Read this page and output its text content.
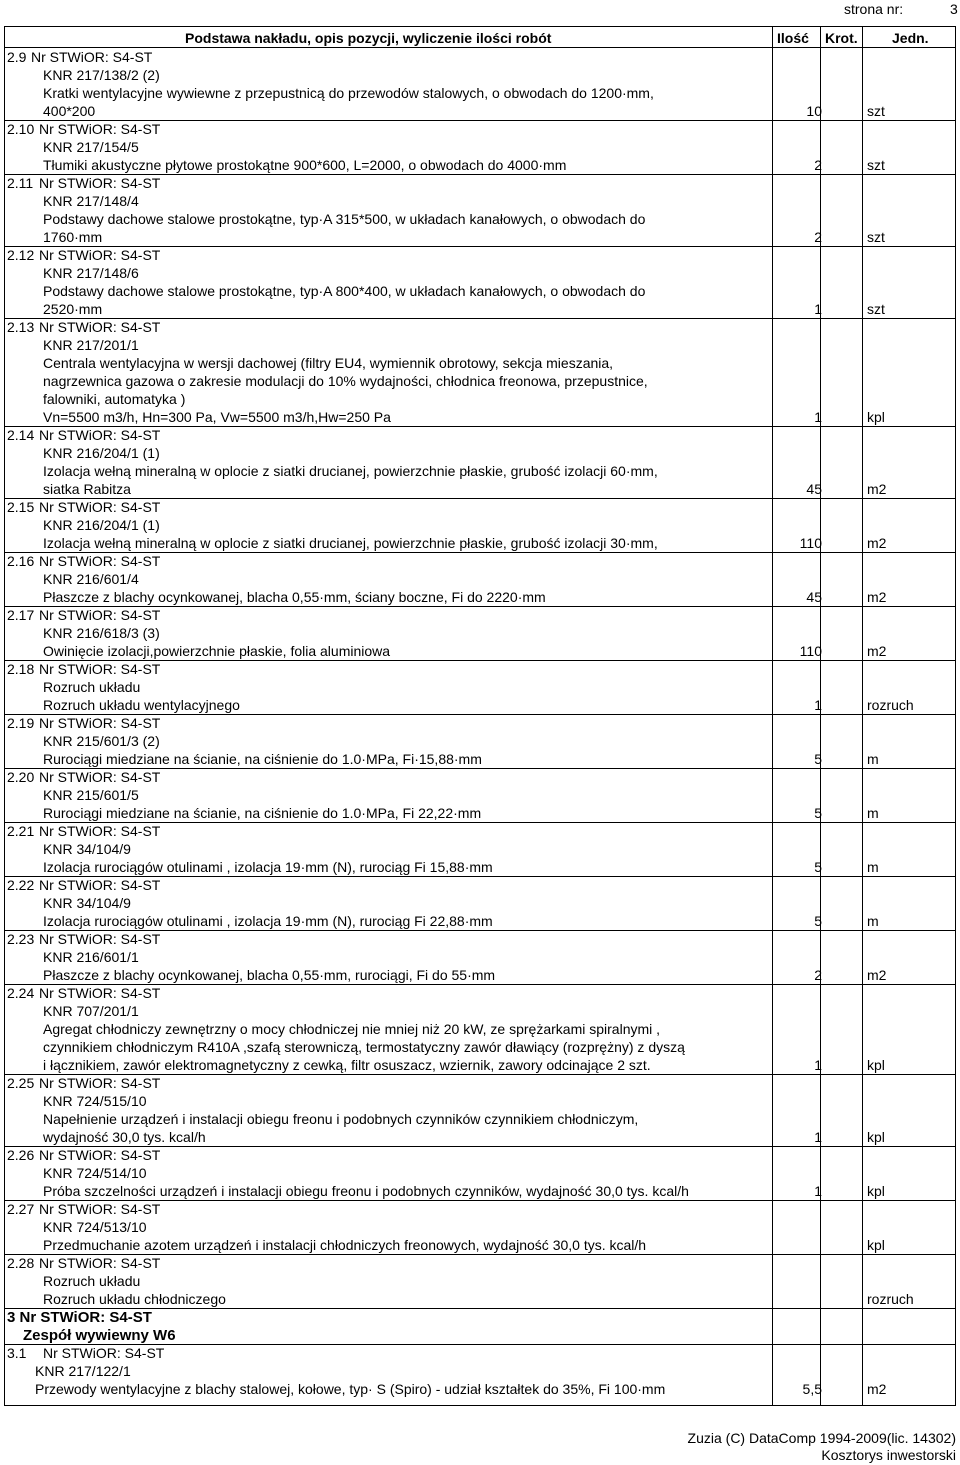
strona nr:	3
Podstawa nakładu, opis pozycji, wyliczenie ilości robót	Ilość Krot. Jedn.
2.9 Nr STWiOR: S4-ST
KNR 217/138/2 (2)
Kratki wentylacyjne wywiewne z przepustnicą do przewodów stalowych, o obwodach do 1200·mm,
400*200	10	szt
2.10 Nr STWiOR: S4-ST
KNR 217/154/5
Tłumiki akustyczne płytowe prostokątne 900*600, L=2000, o obwodach do 4000·mm	2	szt
2.11 Nr STWiOR: S4-ST
KNR 217/148/4
Podstawy dachowe stalowe prostokątne, typ·A 315*500, w układach kanałowych, o obwodach do
1760·mm	2	szt
2.12 Nr STWiOR: S4-ST
KNR 217/148/6
Podstawy dachowe stalowe prostokątne, typ·A 800*400, w układach kanałowych, o obwodach do
2520·mm	1	szt
2.13 Nr STWiOR: S4-ST
KNR 217/201/1
Centrala wentylacyjna w wersji dachowej (filtry EU4, wymiennik obrotowy, sekcja mieszania,
nagrzewnica gazowa o zakresie modulacji do 10% wydajności, chłodnica freonowa, przepustnice,
falowniki, automatyka )
Vn=5500 m3/h, Hn=300 Pa, Vw=5500 m3/h,Hw=250 Pa	1	kpl
2.14 Nr STWiOR: S4-ST
KNR 216/204/1 (1)
Izolacja wełną mineralną w oplocie z siatki drucianej, powierzchnie płaskie, grubość izolacji 60·mm,
siatka Rabitza	45	m2
2.15 Nr STWiOR: S4-ST
KNR 216/204/1 (1)
Izolacja wełną mineralną w oplocie z siatki drucianej, powierzchnie płaskie, grubość izolacji 30·mm,	110	m2
2.16 Nr STWiOR: S4-ST
KNR 216/601/4
Płaszcze z blachy ocynkowanej, blacha 0,55·mm, ściany boczne, Fi do 2220·mm	45	m2
2.17 Nr STWiOR: S4-ST
KNR 216/618/3 (3)
Owinięcie izolacji,powierzchnie płaskie, folia aluminiowa	110	m2
2.18 Nr STWiOR: S4-ST
Rozruch układu
Rozruch układu wentylacyjnego	1	rozruch
2.19 Nr STWiOR: S4-ST
KNR 215/601/3 (2)
Rurociągi miedziane na ścianie, na ciśnienie do 1.0·MPa, Fi·15,88·mm	5	m
2.20 Nr STWiOR: S4-ST
KNR 215/601/5
Rurociągi miedziane na ścianie, na ciśnienie do 1.0·MPa, Fi 22,22·mm	5	m
2.21 Nr STWiOR: S4-ST
KNR 34/104/9
Izolacja rurociągów otulinami , izolacja 19·mm (N), rurociąg Fi 15,88·mm	5	m
2.22 Nr STWiOR: S4-ST
KNR 34/104/9
Izolacja rurociągów otulinami , izolacja 19·mm (N), rurociąg Fi 22,88·mm	5	m
2.23 Nr STWiOR: S4-ST
KNR 216/601/1
Płaszcze z blachy ocynkowanej, blacha 0,55·mm, rurociągi, Fi do 55·mm	2	m2
2.24 Nr STWiOR: S4-ST
KNR 707/201/1
Agregat chłodniczy zewnętrzny o mocy chłodniczej nie mniej niż 20 kW, ze sprężarkami spiralnymi ,
czynnikiem chłodniczym R410A ,szafą sterowniczą, termostatyczny zawór dławiący (rozprężny) z dyszą
i łącznikiem, zawór elektromagnetyczny z cewką, filtr osuszacz, wziernik, zawory odcinające 2 szt.	1	kpl
2.25 Nr STWiOR: S4-ST
KNR 724/515/10
Napełnienie urządzeń i instalacji obiegu freonu i podobnych czynników czynnikiem chłodniczym,
wydajność 30,0 tys. kcal/h	1	kpl
2.26 Nr STWiOR: S4-ST
KNR 724/514/10
Próba szczelności urządzeń i instalacji obiegu freonu i podobnych czynników, wydajność 30,0 tys. kcal/h	1	kpl
2.27 Nr STWiOR: S4-ST
KNR 724/513/10
Przedmuchanie azotem urządzeń i instalacji chłodniczych freonowych, wydajność 30,0 tys. kcal/h	kpl
2.28 Nr STWiOR: S4-ST
Rozruch układu
Rozruch układu chłodniczego	rozruch
3 Nr STWiOR: S4-ST
Zespół wywiewny W6
3.1 Nr STWiOR: S4-ST
KNR 217/122/1
Przewody wentylacyjne z blachy stalowej, kołowe, typ· S (Spiro) - udział kształtek do 35%, Fi 100·mm	5,5	m2
Zuzia (C) DataComp 1994-2009(lic. 14302)
Kosztorys inwestorski
